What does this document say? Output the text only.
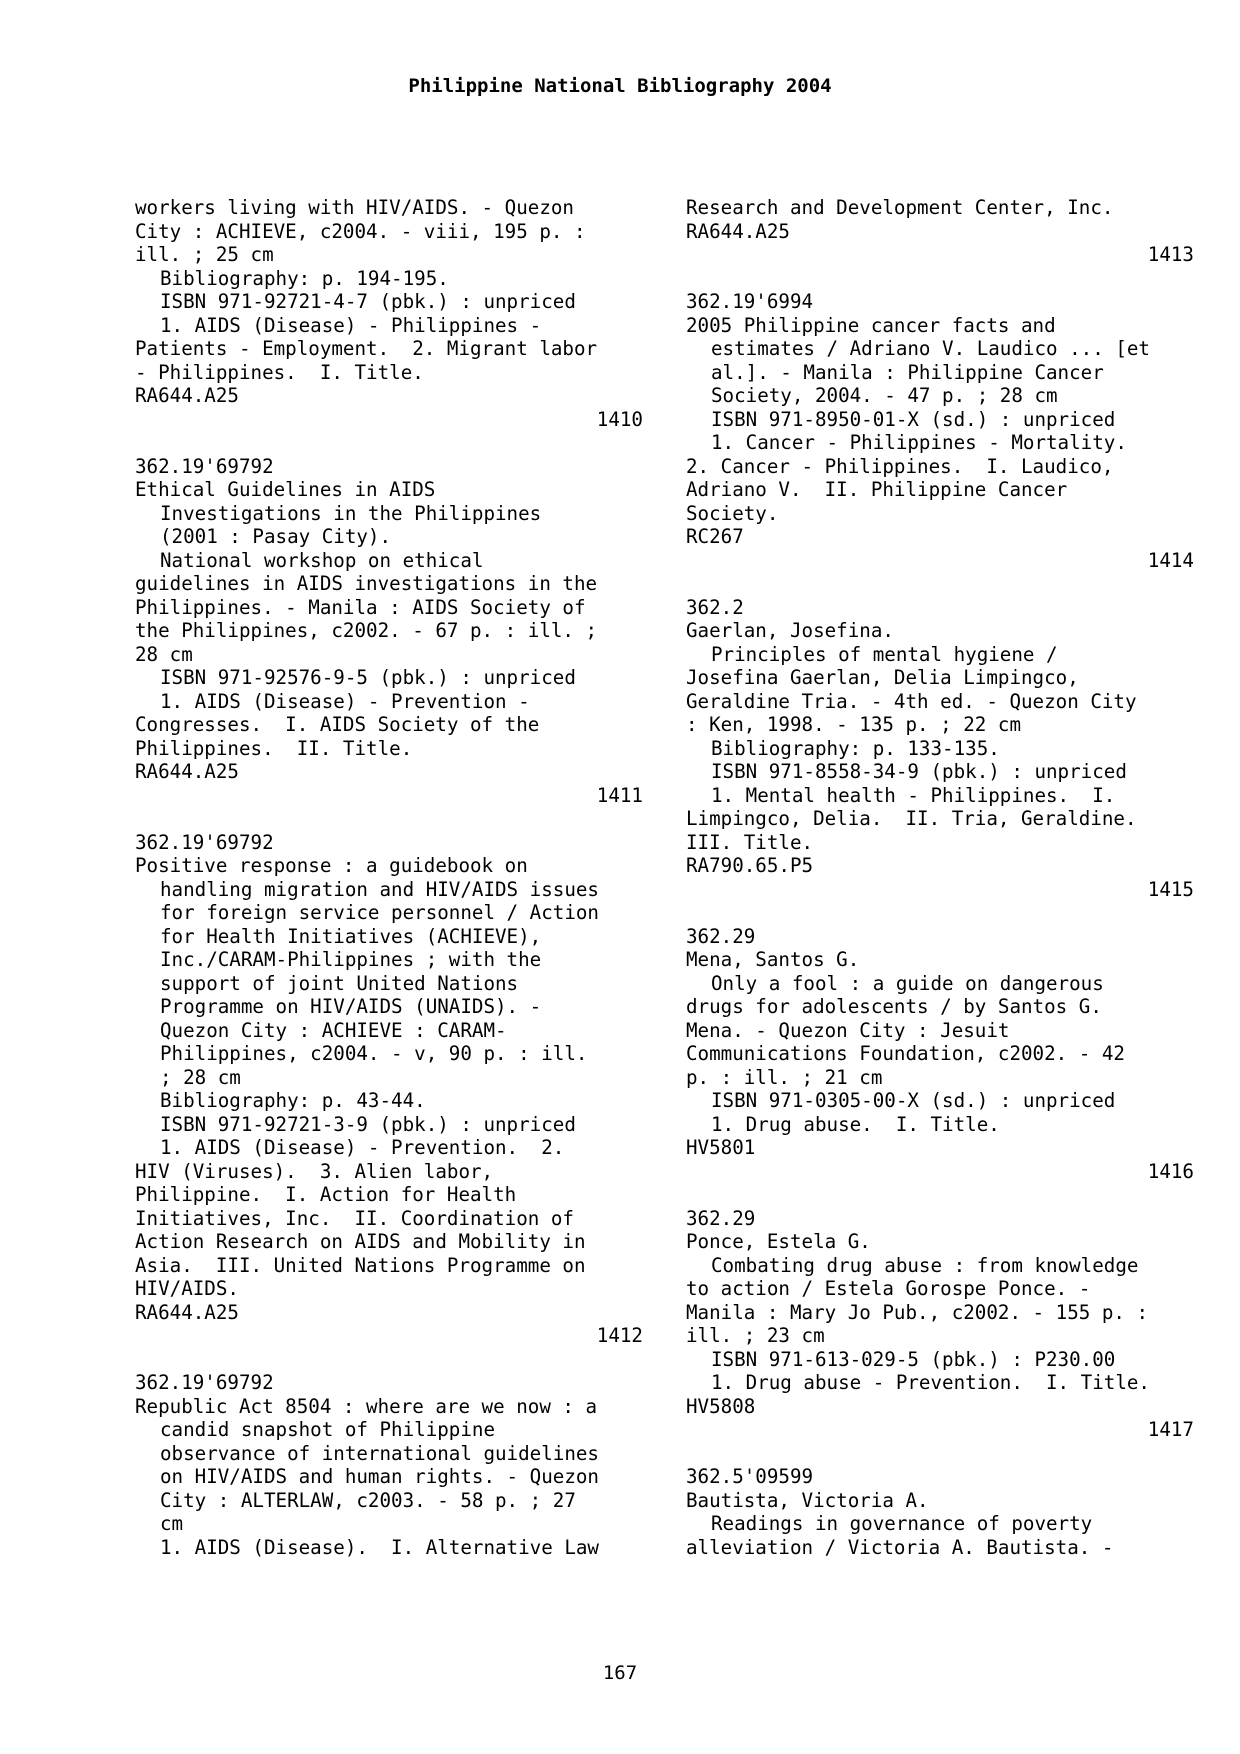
Philippine National Bibliography 2004
workers living with HIV/AIDS. - Quezon
City : ACHIEVE, c2004. - viii, 195 p. :
ill. ; 25 cm
Bibliography: p. 194-195.
ISBN 971-92721-4-7 (pbk.) : unpriced
1. AIDS (Disease) - Philippines -
Patients - Employment.  2. Migrant labor
- Philippines.  I. Title.
RA644.A25
1410
362.19'69792
Ethical Guidelines in AIDS
Investigations in the Philippines
(2001 : Pasay City).
National workshop on ethical
guidelines in AIDS investigations in the
Philippines. - Manila : AIDS Society of
the Philippines, c2002. - 67 p. : ill. ;
28 cm
ISBN 971-92576-9-5 (pbk.) : unpriced
1. AIDS (Disease) - Prevention -
Congresses.  I. AIDS Society of the
Philippines.  II. Title.
RA644.A25
1411
362.19'69792
Positive response : a guidebook on
handling migration and HIV/AIDS issues
for foreign service personnel / Action
for Health Initiatives (ACHIEVE),
Inc./CARAM-Philippines ; with the
support of joint United Nations
Programme on HIV/AIDS (UNAIDS). -
Quezon City : ACHIEVE : CARAM-
Philippines, c2004. - v, 90 p. : ill.
; 28 cm
Bibliography: p. 43-44.
ISBN 971-92721-3-9 (pbk.) : unpriced
1. AIDS (Disease) - Prevention.  2.
HIV (Viruses).  3. Alien labor,
Philippine.  I. Action for Health
Initiatives, Inc.  II. Coordination of
Action Research on AIDS and Mobility in
Asia.  III. United Nations Programme on
HIV/AIDS.
RA644.A25
1412
362.19'69792
Republic Act 8504 : where are we now : a
candid snapshot of Philippine
observance of international guidelines
on HIV/AIDS and human rights. - Quezon
City : ALTERLAW, c2003. - 58 p. ; 27
cm
1. AIDS (Disease).  I. Alternative Law
Research and Development Center, Inc.
RA644.A25
1413
362.19'6994
2005 Philippine cancer facts and
estimates / Adriano V. Laudico ... [et
al.]. - Manila : Philippine Cancer
Society, 2004. - 47 p. ; 28 cm
ISBN 971-8950-01-X (sd.) : unpriced
1. Cancer - Philippines - Mortality.
2. Cancer - Philippines.  I. Laudico,
Adriano V.  II. Philippine Cancer
Society.
RC267
1414
362.2
Gaerlan, Josefina.
Principles of mental hygiene /
Josefina Gaerlan, Delia Limpingco,
Geraldine Tria. - 4th ed. - Quezon City
: Ken, 1998. - 135 p. ; 22 cm
Bibliography: p. 133-135.
ISBN 971-8558-34-9 (pbk.) : unpriced
1. Mental health - Philippines.  I.
Limpingco, Delia.  II. Tria, Geraldine.
III. Title.
RA790.65.P5
1415
362.29
Mena, Santos G.
Only a fool : a guide on dangerous
drugs for adolescents / by Santos G.
Mena. - Quezon City : Jesuit
Communications Foundation, c2002. - 42
p. : ill. ; 21 cm
ISBN 971-0305-00-X (sd.) : unpriced
1. Drug abuse.  I. Title.
HV5801
1416
362.29
Ponce, Estela G.
Combating drug abuse : from knowledge
to action / Estela Gorospe Ponce. -
Manila : Mary Jo Pub., c2002. - 155 p. :
ill. ; 23 cm
ISBN 971-613-029-5 (pbk.) : P230.00
1. Drug abuse - Prevention.  I. Title.
HV5808
1417
362.5'09599
Bautista, Victoria A.
Readings in governance of poverty
alleviation / Victoria A. Bautista. -
167
